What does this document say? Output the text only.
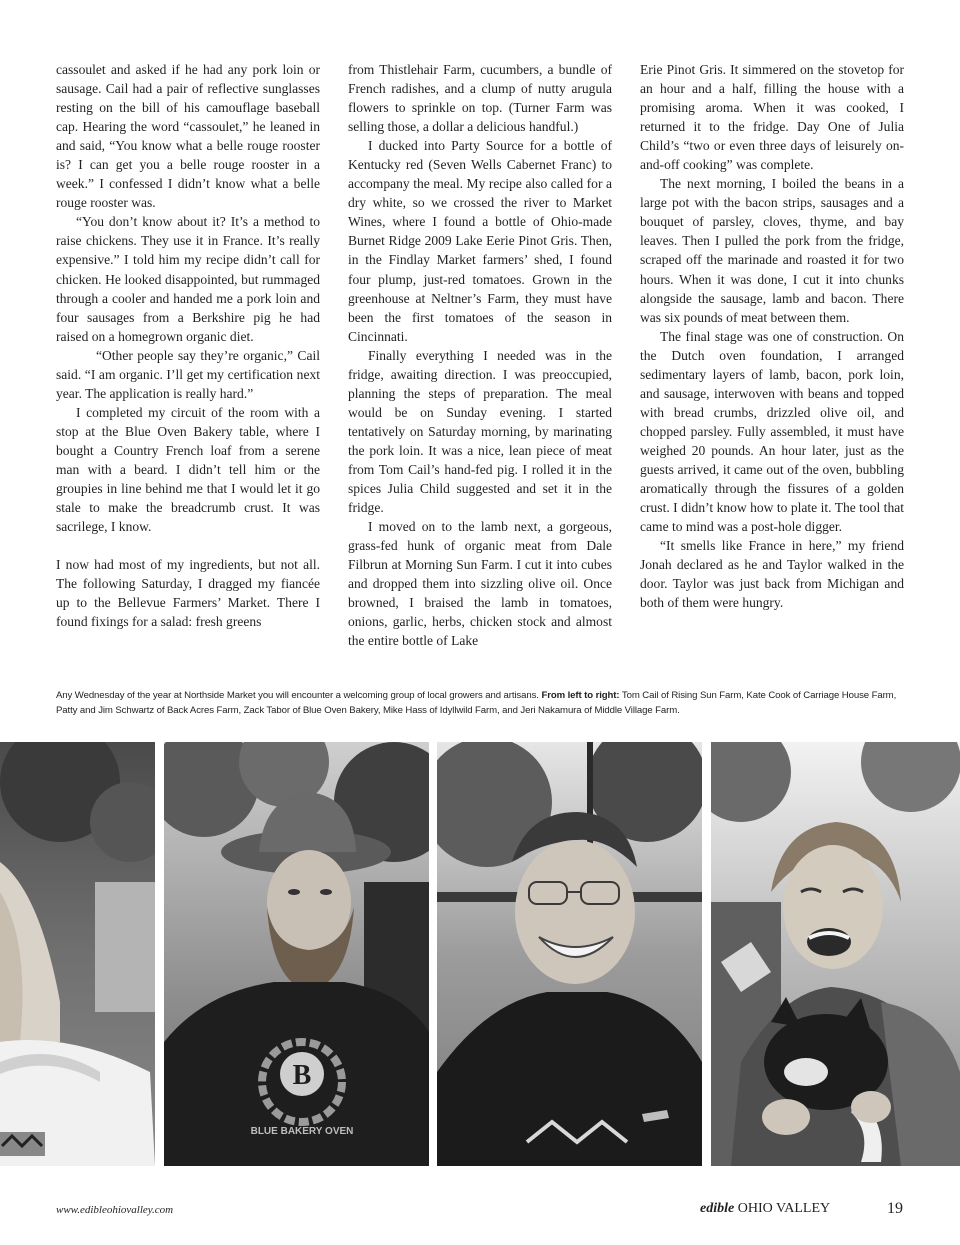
cassoulet and asked if he had any pork loin or sausage. Cail had a pair of reflective sunglasses resting on the bill of his camouflage baseball cap. Hearing the word “cassoulet,” he leaned in and said, “You know what a belle rouge rooster is? I can get you a belle rouge rooster in a week.” I confessed I didn’t know what a belle rouge rooster was.

“You don’t know about it? It’s a method to raise chickens. They use it in France. It’s really expensive.” I told him my recipe didn’t call for chicken. He looked disappointed, but rummaged through a cooler and handed me a pork loin and four sausages from a Berkshire pig he had raised on a homegrown organic diet.

“Other people say they’re organic,” Cail said. “I am organic. I’ll get my certification next year. The application is really hard.”

I completed my circuit of the room with a stop at the Blue Oven Bakery table, where I bought a Country French loaf from a serene man with a beard. I didn’t tell him or the groupies in line behind me that I would let it go stale to make the breadcrumb crust. It was sacrilege, I know.

I now had most of my ingredients, but not all. The following Saturday, I dragged my fiancée up to the Bellevue Farmers’ Market. There I found fixings for a salad: fresh greens

from Thistlehair Farm, cucumbers, a bundle of French radishes, and a clump of nutty arugula flowers to sprinkle on top. (Turner Farm was selling those, a dollar a delicious handful.)

I ducked into Party Source for a bottle of Kentucky red (Seven Wells Cabernet Franc) to accompany the meal. My recipe also called for a dry white, so we crossed the river to Market Wines, where I found a bottle of Ohio-made Burnet Ridge 2009 Lake Eerie Pinot Gris. Then, in the Findlay Market farmers’ shed, I found four plump, just-red tomatoes. Grown in the greenhouse at Neltner’s Farm, they must have been the first tomatoes of the season in Cincinnati.

Finally everything I needed was in the fridge, awaiting direction. I was preoccupied, planning the steps of preparation. The meal would be on Sunday evening. I started tentatively on Saturday morning, by marinating the pork loin. It was a nice, lean piece of meat from Tom Cail’s hand-fed pig. I rolled it in the spices Julia Child suggested and set it in the fridge.

I moved on to the lamb next, a gorgeous, grass-fed hunk of organic meat from Dale Filbrun at Morning Sun Farm. I cut it into cubes and dropped them into sizzling olive oil. Once browned, I braised the lamb in tomatoes, onions, garlic, herbs, chicken stock and almost the entire bottle of Lake

Erie Pinot Gris. It simmered on the stovetop for an hour and a half, filling the house with a promising aroma. When it was cooked, I returned it to the fridge. Day One of Julia Child’s “two or even three days of leisurely on-and-off cooking” was complete.

The next morning, I boiled the beans in a large pot with the bacon strips, sausages and a bouquet of parsley, cloves, thyme, and bay leaves. Then I pulled the pork from the fridge, scraped off the marinade and roasted it for two hours. When it was done, I cut it into chunks alongside the sausage, lamb and bacon. There was six pounds of meat between them.

The final stage was one of construction. On the Dutch oven foundation, I arranged sedimentary layers of lamb, bacon, pork loin, and sausage, interwoven with beans and topped with bread crumbs, drizzled olive oil, and chopped parsley. Fully assembled, it must have weighed 20 pounds. An hour later, just as the guests arrived, it came out of the oven, bubbling aromatically through the fissures of a golden crust. I didn’t know how to plate it. The tool that came to mind was a post-hole digger.

“It smells like France in here,” my friend Jonah declared as he and Taylor walked in the door. Taylor was just back from Michigan and both of them were hungry.

Any Wednesday of the year at Northside Market you will encounter a welcoming group of local growers and artisans. From left to right: Tom Cail of Rising Sun Farm, Kate Cook of Carriage House Farm, Patty and Jim Schwartz of Back Acres Farm, Zack Tabor of Blue Oven Bakery, Mike Hass of Idyllwild Farm, and Jeri Nakamura of Middle Village Farm.
B
BLUE BAKERY OVEN
www.edibleohiovalley.com	edible OHIO VALLEY	19
